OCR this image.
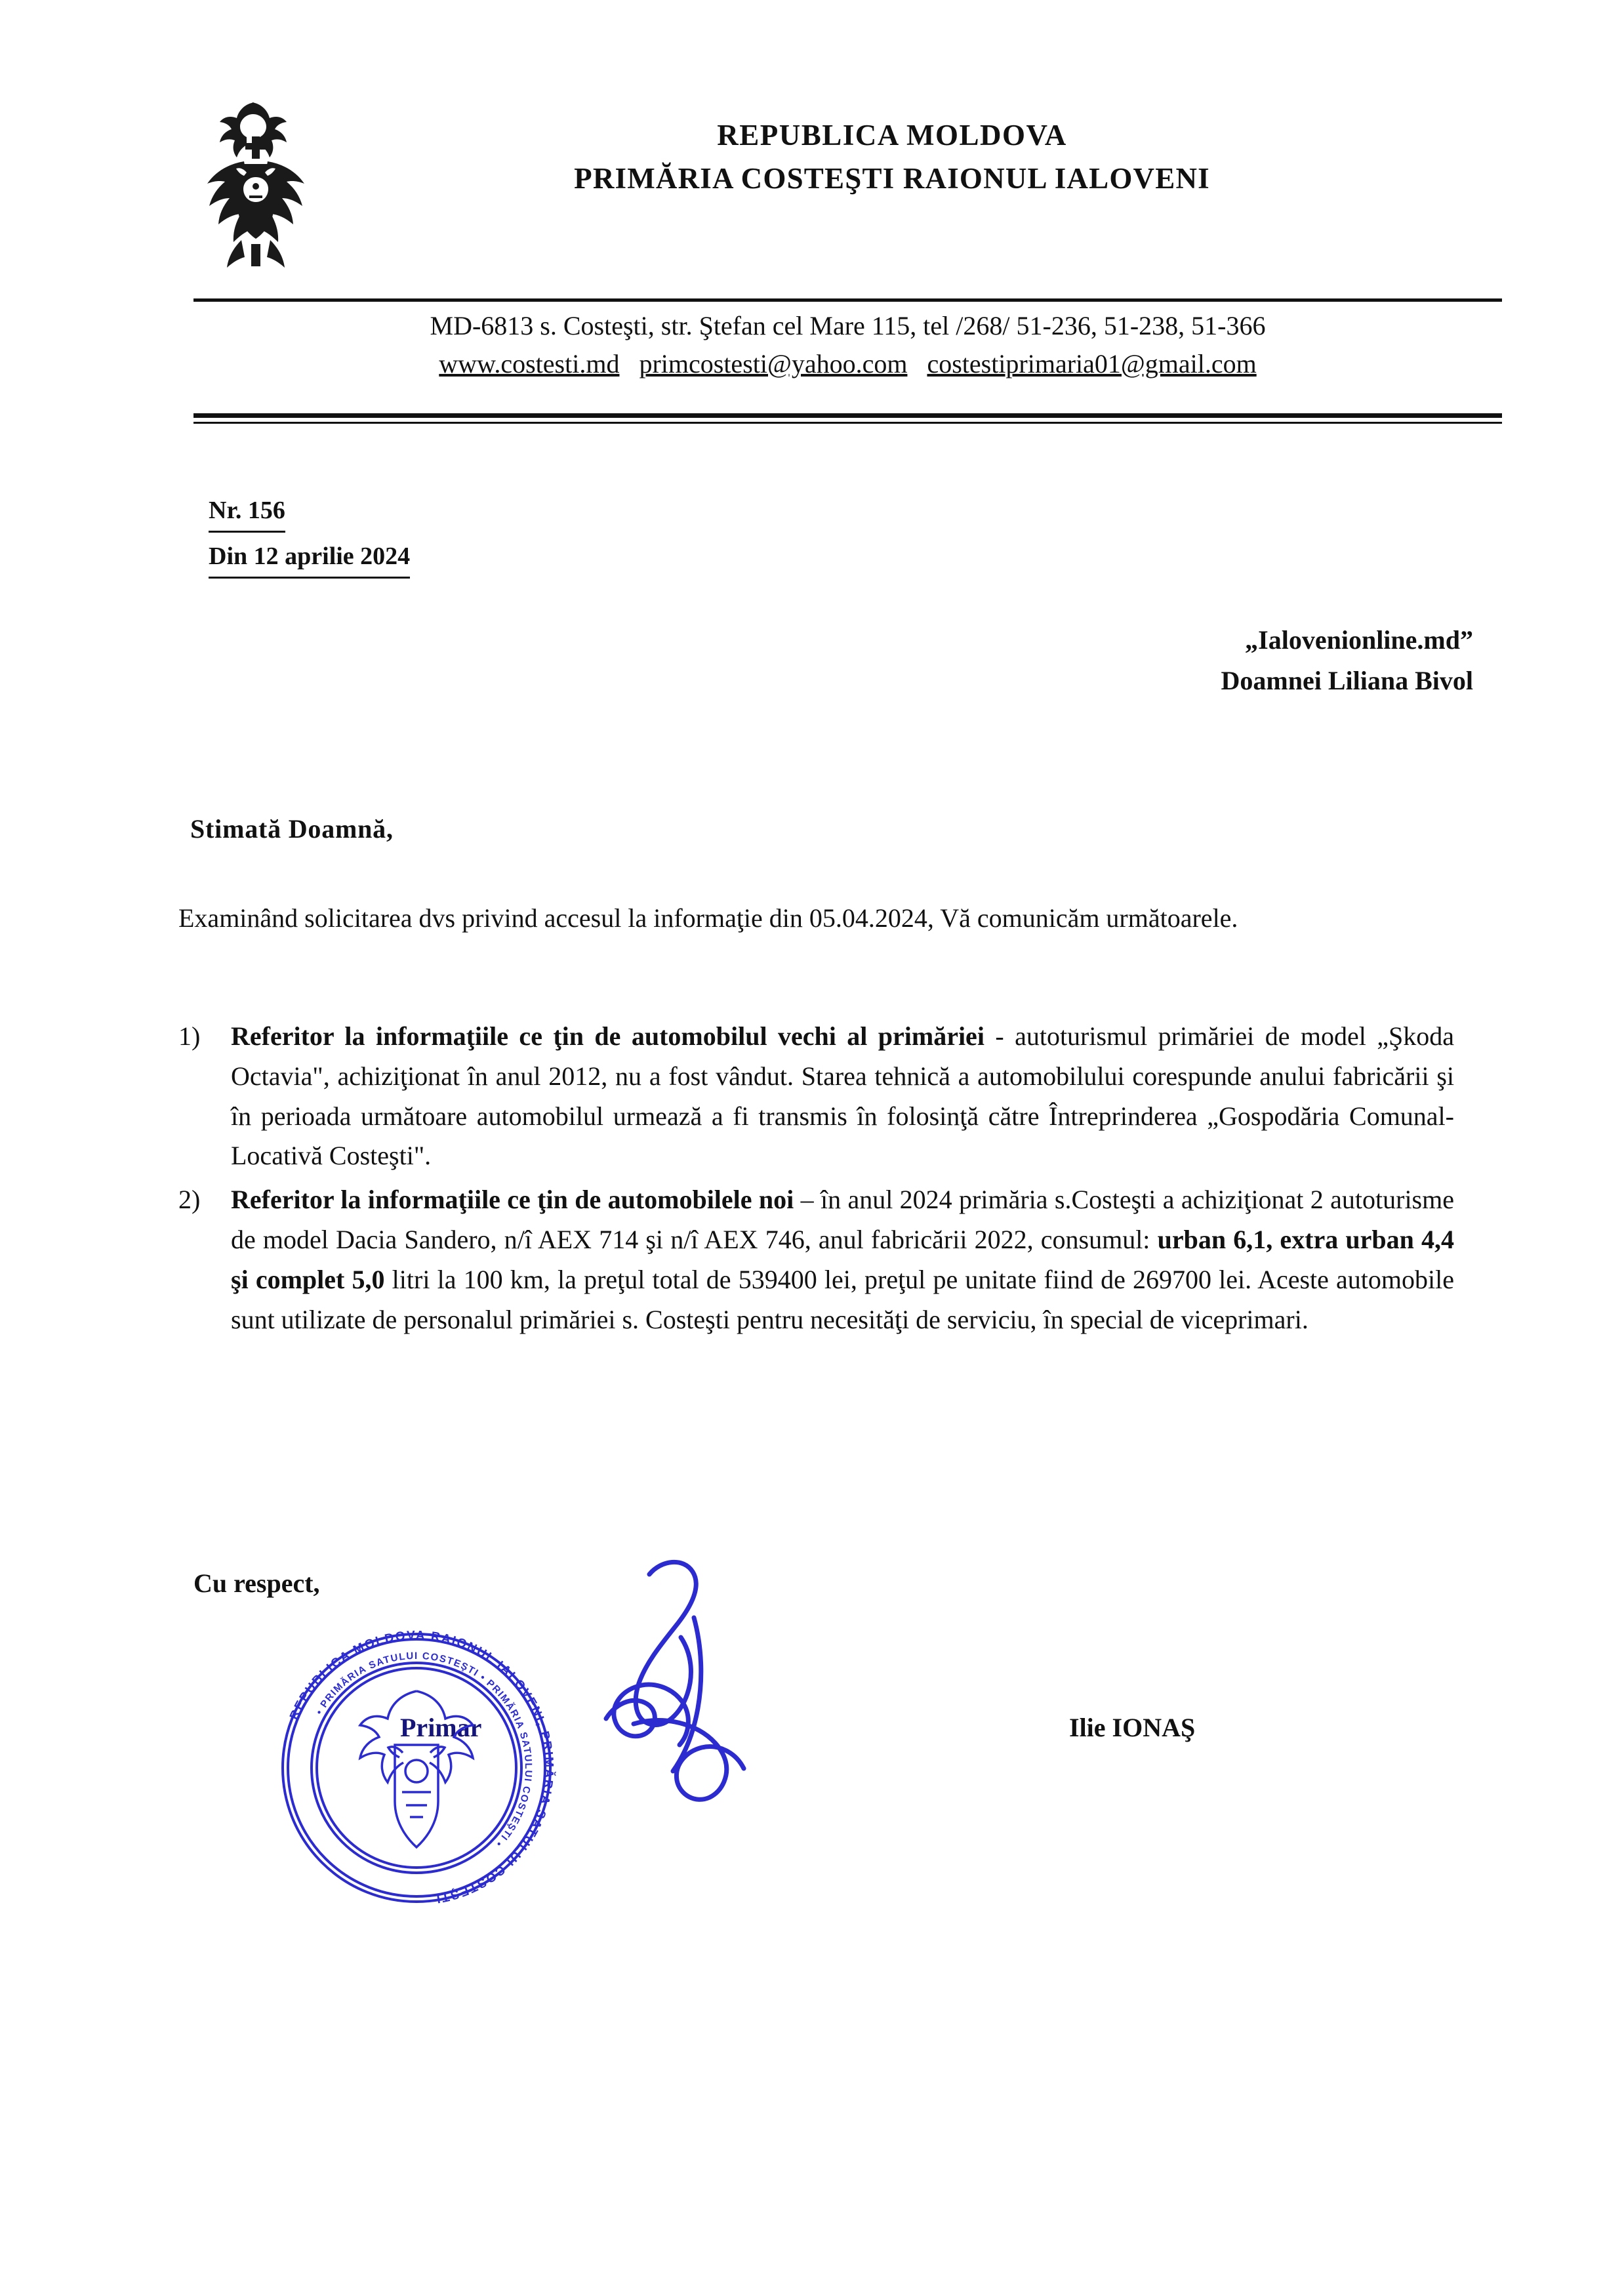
REPUBLICA MOLDOVA
PRIMĂRIA COSTEŞTI RAIONUL IALOVENI
MD-6813 s. Costeşti, str. Ştefan cel Mare 115, tel /268/ 51-236, 51-238, 51-366
www.costesti.md primcostesti@yahoo.com costestiprimaria01@gmail.com
Nr. 156
Din 12 aprilie 2024
„Ialovenionline.md”
Doamnei Liliana Bivol
Stimată Doamnă,
Examinând solicitarea dvs privind accesul la informaţie din 05.04.2024, Vă comunicăm următoarele.
1)	Referitor la informaţiile ce ţin de automobilul vechi al primăriei - autoturismul primăriei de model „Şkoda Octavia", achiziţionat în anul 2012, nu a fost vândut. Starea tehnică a automobilului corespunde anului fabricării şi în perioada următoare automobilul urmează a fi transmis în folosinţă către Întreprinderea „Gospodăria Comunal-Locativă Costeşti".
2)	Referitor la informaţiile ce ţin de automobilele noi – în anul 2024 primăria s.Costeşti a achiziţionat 2 autoturisme de model Dacia Sandero, n/î AEX 714 şi n/î AEX 746, anul fabricării 2022, consumul: urban 6,1, extra urban 4,4 şi complet 5,0 litri la 100 km, la preţul total de 539400 lei, preţul pe unitate fiind de 269700 lei. Aceste automobile sunt utilizate de personalul primăriei s. Costeşti pentru necesităţi de serviciu, în special de viceprimari.
Cu respect,
Primar	Ilie IONAŞ
REPUBLICA MOLDOVA RAIONUL IALOVENI, PRIMĂRIA SATULUI COSTEŞTI
• PRIMĂRIA SATULUI COSTEŞTI • PRIMĂRIA SATULUI COSTEŞTI •
